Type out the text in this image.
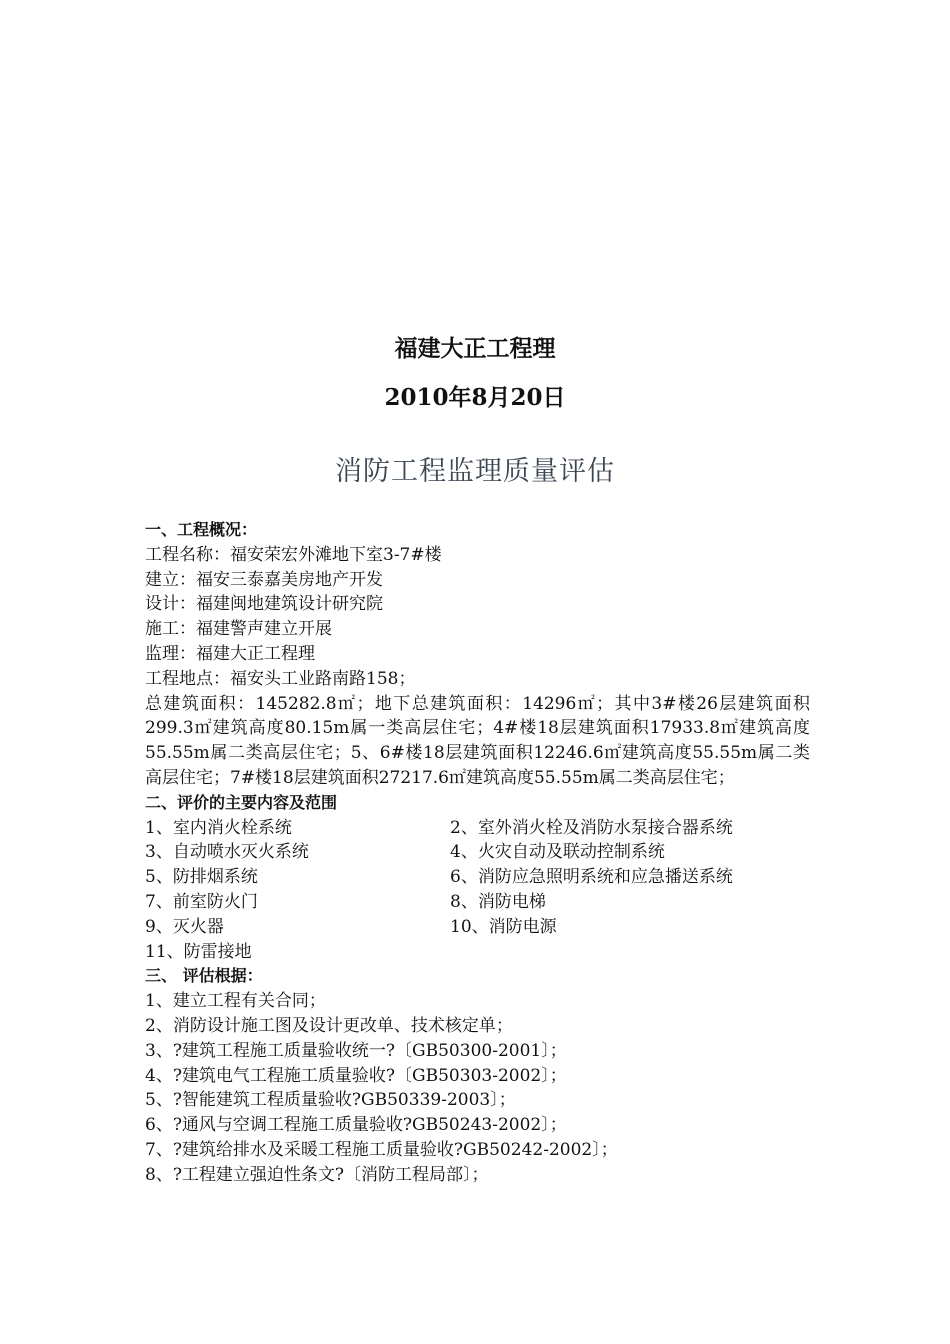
福建大正工程理
2010年8月20日
消防工程监理质量评估
一、工程概况：
工程名称：福安荣宏外滩地下室3-7#楼
建立：福安三泰嘉美房地产开发
设计：福建闽地建筑设计研究院
施工：福建警声建立开展
监理：福建大正工程理
工程地点：福安头工业路南路158；
总建筑面积：145282.8㎡；地下总建筑面积：14296㎡；其中3#楼26层建筑面积299.3㎡建筑高度80.15m属一类高层住宅；4#楼18层建筑面积17933.8㎡建筑高度55.55m属二类高层住宅；5、6#楼18层建筑面积12246.6㎡建筑高度55.55m属二类高层住宅；7#楼18层建筑面积27217.6㎡建筑高度55.55m属二类高层住宅；
二、评价的主要内容及范围
1、室内消火栓系统	2、室外消火栓及消防水泵接合器系统
3、自动喷水灭火系统	4、火灾自动及联动控制系统
5、防排烟系统	6、消防应急照明系统和应急播送系统
7、前室防火门	8、消防电梯
9、灭火器	10、消防电源
11、防雷接地
三、 评估根据：
1、建立工程有关合同；
2、消防设计施工图及设计更改单、技术核定单；
3、?建筑工程施工质量验收统一?〔GB50300-2001〕；
4、?建筑电气工程施工质量验收?〔GB50303-2002〕；
5、?智能建筑工程质量验收?GB50339-2003〕；
6、?通风与空调工程施工质量验收?GB50243-2002〕；
7、?建筑给排水及采暖工程施工质量验收?GB50242-2002〕；
8、?工程建立强迫性条文?〔消防工程局部〕；
